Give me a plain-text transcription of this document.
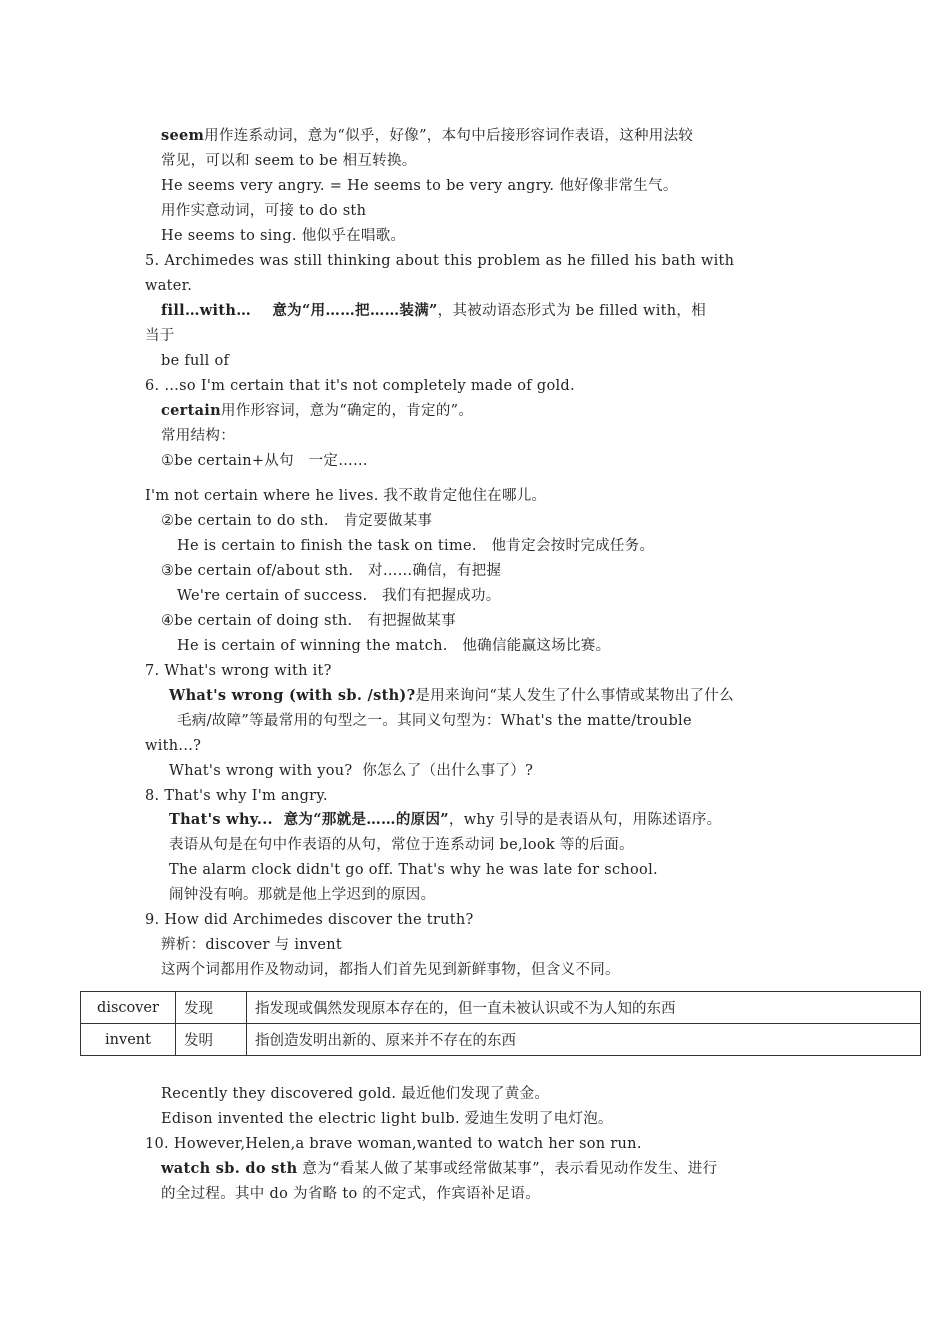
seem用作连系动词，意为“似乎，好像”，本句中后接形容词作表语，这种用法较
常见，可以和 seem to be 相互转换。
He seems very angry. = He seems to be very angry. 他好像非常生气。
用作实意动词，可接 to do sth
He seems to sing. 他似乎在唱歌。
5. Archimedes was still thinking about this problem as he filled his bath with
water.
fill…with…    意为“用……把……装满”，其被动语态形式为 be filled with，相
当于
be full of
6. …so I'm certain that it's not completely made of gold.
certain用作形容词，意为“确定的，肯定的”。
常用结构：
①be certain+从句   一定……
I'm not certain where he lives. 我不敢肯定他住在哪儿。
②be certain to do sth.   肯定要做某事
He is certain to finish the task on time.   他肯定会按时完成任务。
③be certain of/about sth.   对……确信，有把握
We're certain of success.   我们有把握成功。
④be certain of doing sth.   有把握做某事
He is certain of winning the match.   他确信能赢这场比赛。
7. What's wrong with it?
What's wrong (with sb. /sth)?是用来询问“某人发生了什么事情或某物出了什么
毛病/故障”等最常用的句型之一。其同义句型为：What's the matte/trouble
with...?
What's wrong with you?  你怎么了（出什么事了）?
8. That's why I'm angry.
That's why...  意为“那就是……的原因”，why 引导的是表语从句，用陈述语序。
表语从句是在句中作表语的从句，常位于连系动词 be,look 等的后面。
The alarm clock didn't go off. That's why he was late for school.
闹钟没有响。那就是他上学迟到的原因。
9. How did Archimedes discover the truth?
辨析：discover 与 invent
这两个词都用作及物动词，都指人们首先见到新鲜事物，但含义不同。
discover	发现	指发现或偶然发现原本存在的，但一直未被认识或不为人知的东西
invent	发明	指创造发明出新的、原来并不存在的东西
Recently they discovered gold. 最近他们发现了黄金。
Edison invented the electric light bulb. 爱迪生发明了电灯泡。
10. However,Helen,a brave woman,wanted to watch her son run.
watch sb. do sth 意为“看某人做了某事或经常做某事”，表示看见动作发生、进行
的全过程。其中 do 为省略 to 的不定式，作宾语补足语。
